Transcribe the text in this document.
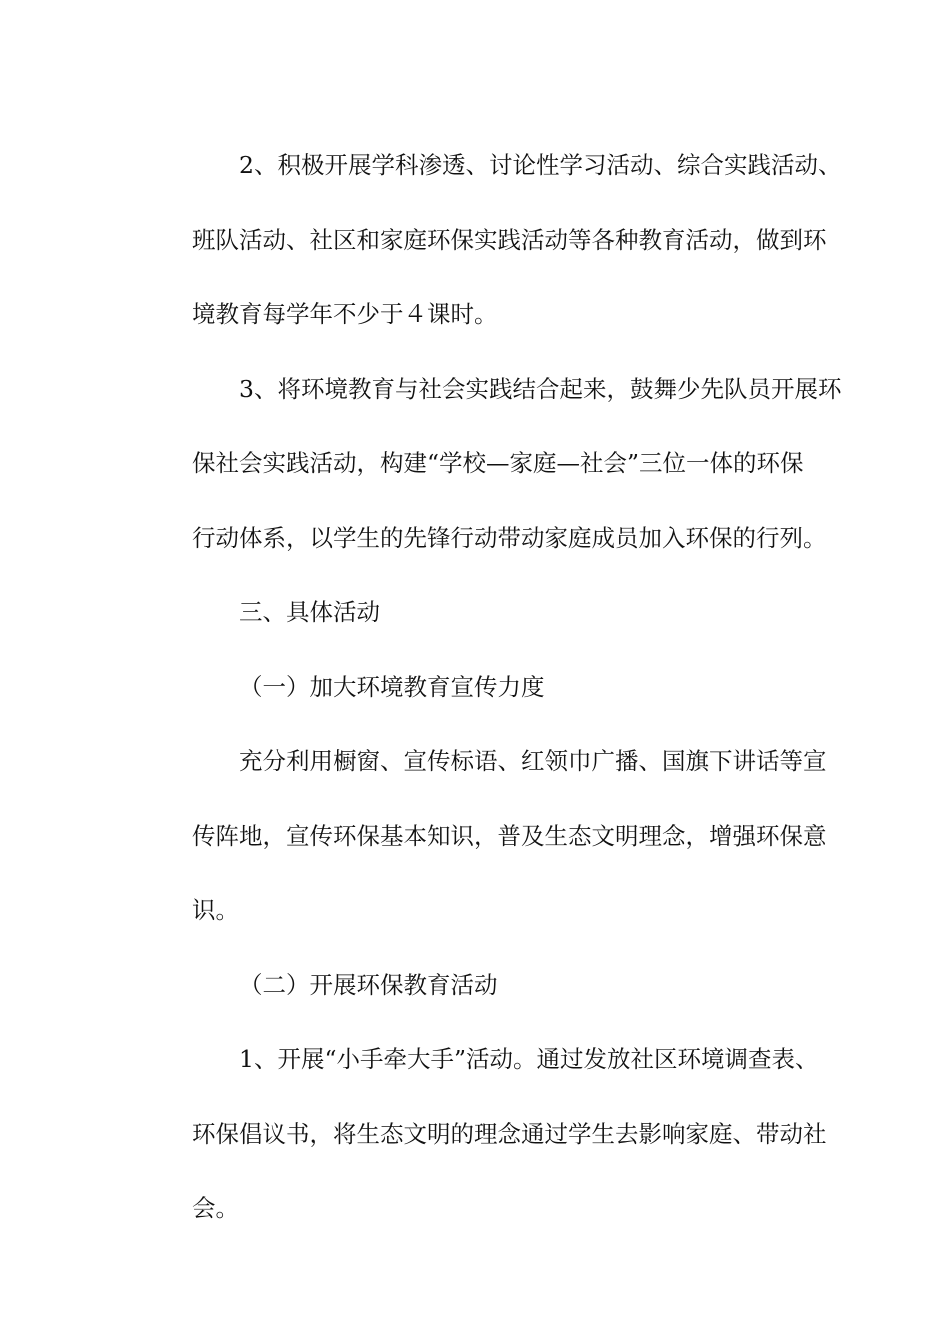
2、积极开展学科渗透、讨论性学习活动、综合实践活动、
班队活动、社区和家庭环保实践活动等各种教育活动，做到环
境教育每学年不少于４课时。
3、将环境教育与社会实践结合起来，鼓舞少先队员开展环
保社会实践活动，构建“学校—家庭—社会”三位一体的环保
行动体系，以学生的先锋行动带动家庭成员加入环保的行列。
三、具体活动
（一）加大环境教育宣传力度
充分利用橱窗、宣传标语、红领巾广播、国旗下讲话等宣
传阵地，宣传环保基本知识，普及生态文明理念，增强环保意
识。
（二）开展环保教育活动
1、开展“小手牵大手”活动。通过发放社区环境调查表、
环保倡议书，将生态文明的理念通过学生去影响家庭、带动社
会。
